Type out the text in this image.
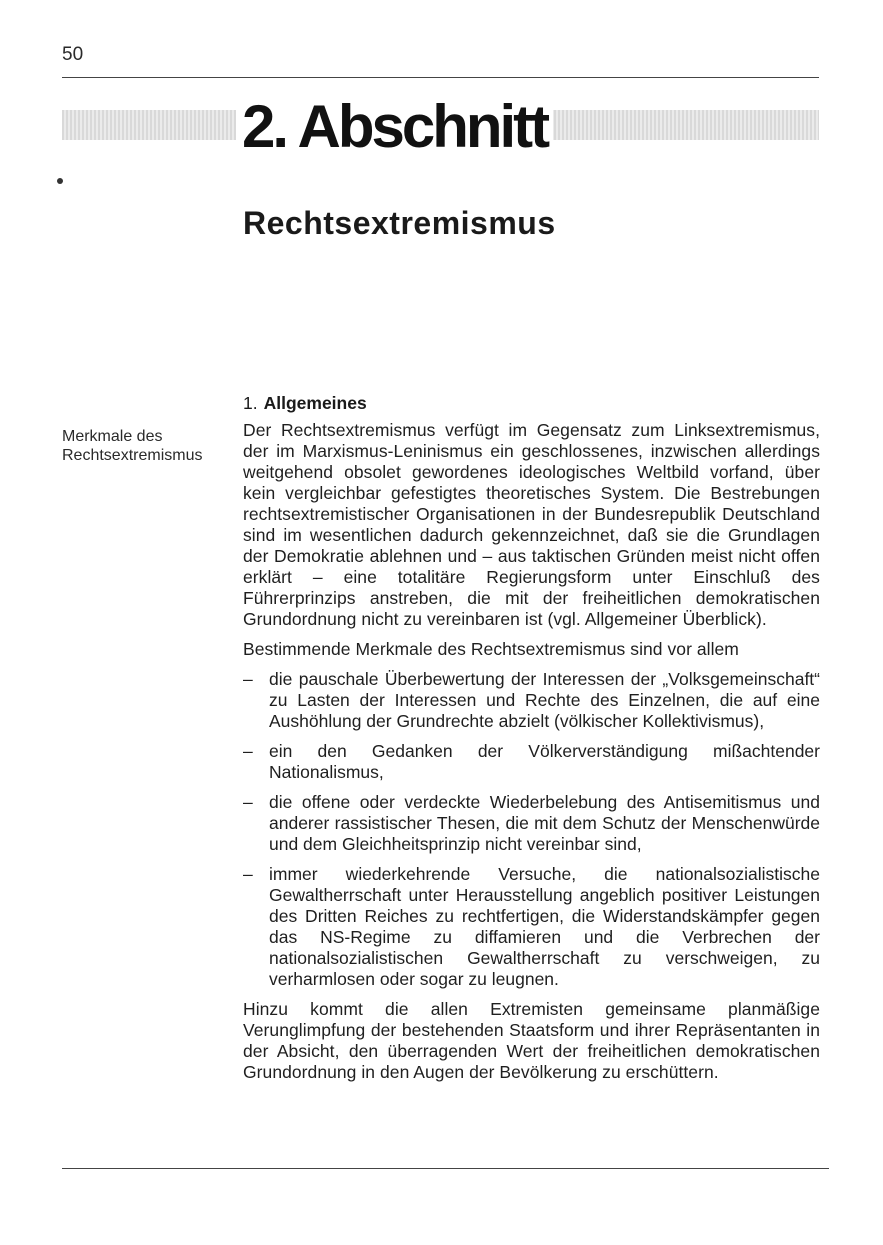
50
2. Abschnitt
Rechtsextremismus
Merkmale des
Rechtsextremismus
1. Allgemeines

Der Rechtsextremismus verfügt im Gegensatz zum Linksextremismus, der im Marxismus-Leninismus ein geschlossenes, inzwischen allerdings weitgehend obsolet gewordenes ideologisches Weltbild vorfand, über kein vergleichbar gefestigtes theoretisches System. Die Bestrebungen rechtsextremistischer Organisationen in der Bundesrepublik Deutschland sind im wesentlichen dadurch gekennzeichnet, daß sie die Grundlagen der Demokratie ablehnen und – aus taktischen Gründen meist nicht offen erklärt – eine totalitäre Regierungsform unter Einschluß des Führerprinzips anstreben, die mit der freiheitlichen demokratischen Grundordnung nicht zu vereinbaren ist (vgl. Allgemeiner Überblick).

Bestimmende Merkmale des Rechtsextremismus sind vor allem

– die pauschale Überbewertung der Interessen der „Volksgemeinschaft“ zu Lasten der Interessen und Rechte des Einzelnen, die auf eine Aushöhlung der Grundrechte abzielt (völkischer Kollektivismus),
– ein den Gedanken der Völkerverständigung mißachtender Nationalismus,
– die offene oder verdeckte Wiederbelebung des Antisemitismus und anderer rassistischer Thesen, die mit dem Schutz der Menschenwürde und dem Gleichheitsprinzip nicht vereinbar sind,
– immer wiederkehrende Versuche, die nationalsozialistische Gewaltherrschaft unter Herausstellung angeblich positiver Leistungen des Dritten Reiches zu rechtfertigen, die Widerstandskämpfer gegen das NS-Regime zu diffamieren und die Verbrechen der nationalsozialistischen Gewaltherrschaft zu verschweigen, zu verharmlosen oder sogar zu leugnen.

Hinzu kommt die allen Extremisten gemeinsame planmäßige Verunglimpfung der bestehenden Staatsform und ihrer Repräsentanten in der Absicht, den überragenden Wert der freiheitlichen demokratischen Grundordnung in den Augen der Bevölkerung zu erschüttern.
